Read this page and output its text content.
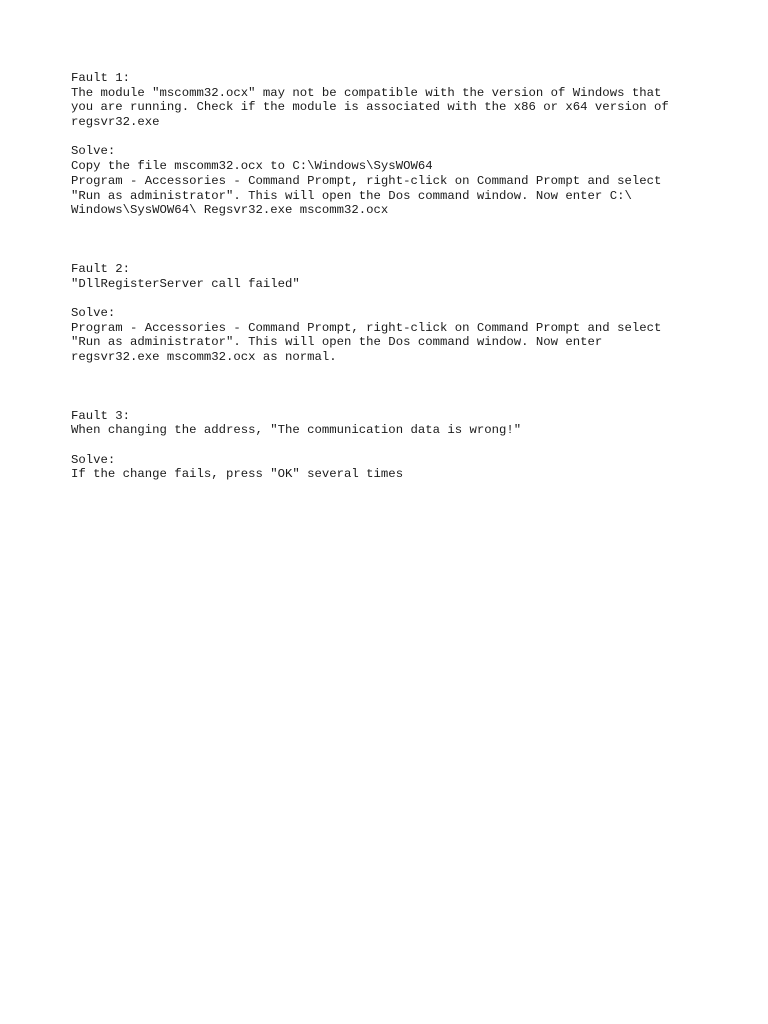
Fault 1:
The module "mscomm32.ocx" may not be compatible with the version of Windows that
you are running. Check if the module is associated with the x86 or x64 version of
regsvr32.exe
Solve:
Copy the file mscomm32.ocx to C:\Windows\SysWOW64
Program - Accessories - Command Prompt, right-click on Command Prompt and select
"Run as administrator". This will open the Dos command window. Now enter C:\
Windows\SysWOW64\ Regsvr32.exe mscomm32.ocx
Fault 2:
"DllRegisterServer call failed"
Solve:
Program - Accessories - Command Prompt, right-click on Command Prompt and select
"Run as administrator". This will open the Dos command window. Now enter
regsvr32.exe mscomm32.ocx as normal.
Fault 3:
When changing the address, "The communication data is wrong!"
Solve:
If the change fails, press "OK" several times
